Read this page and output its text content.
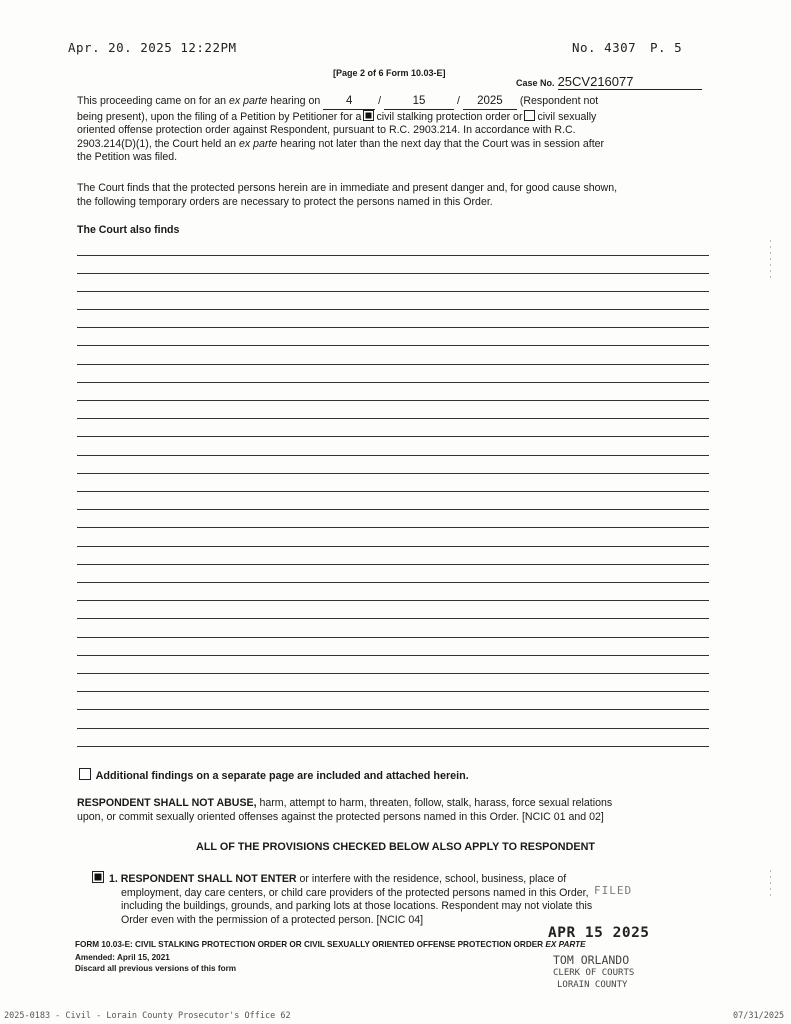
Apr. 20. 2025 12:22PM	No. 4307 P. 5
[Page 2 of 6 Form 10.03-E]
Case No. 25CV216077
This proceeding came on for an ex parte hearing on 4 / 15	/ 2025 (Respondent not
being present), upon the filing of a Petition by Petitioner for a civil stalking protection order or civil sexually
oriented offense protection order against Respondent, pursuant to R.C. 2903.214. In accordance with R.C.
2903.214(D)(1), the Court held an ex parte hearing not later than the next day that the Court was in session after
the Petition was filed.
The Court finds that the protected persons herein are in immediate and present danger and, for good cause shown,
the following temporary orders are necessary to protect the persons named in this Order.
The Court also finds
Additional findings on a separate page are included and attached herein.
RESPONDENT SHALL NOT ABUSE, harm, attempt to harm, threaten, follow, stalk, harass, force sexual relations
upon, or commit sexually oriented offenses against the protected persons named in this Order. [NCIC 01 and 02]
ALL OF THE PROVISIONS CHECKED BELOW ALSO APPLY TO RESPONDENT
1. RESPONDENT SHALL NOT ENTER or interfere with the residence, school, business, place of
employment, day care centers, or child care providers of the protected persons named in this Order,
including the buildings, grounds, and parking lots at those locations. Respondent may not violate this
Order even with the permission of a protected person. [NCIC 04]
FILED
APR 15 2025
TOM ORLANDO
CLERK OF COURTS
LORAIN COUNTY
FORM 10.03-E: CIVIL STALKING PROTECTION ORDER OR CIVIL SEXUALLY ORIENTED OFFENSE PROTECTION ORDER EX PARTE
Amended: April 15, 2021
Discard all previous versions of this form
2025-0183 - Civil - Lorain County Prosecutor's Office 62	07/31/2025
